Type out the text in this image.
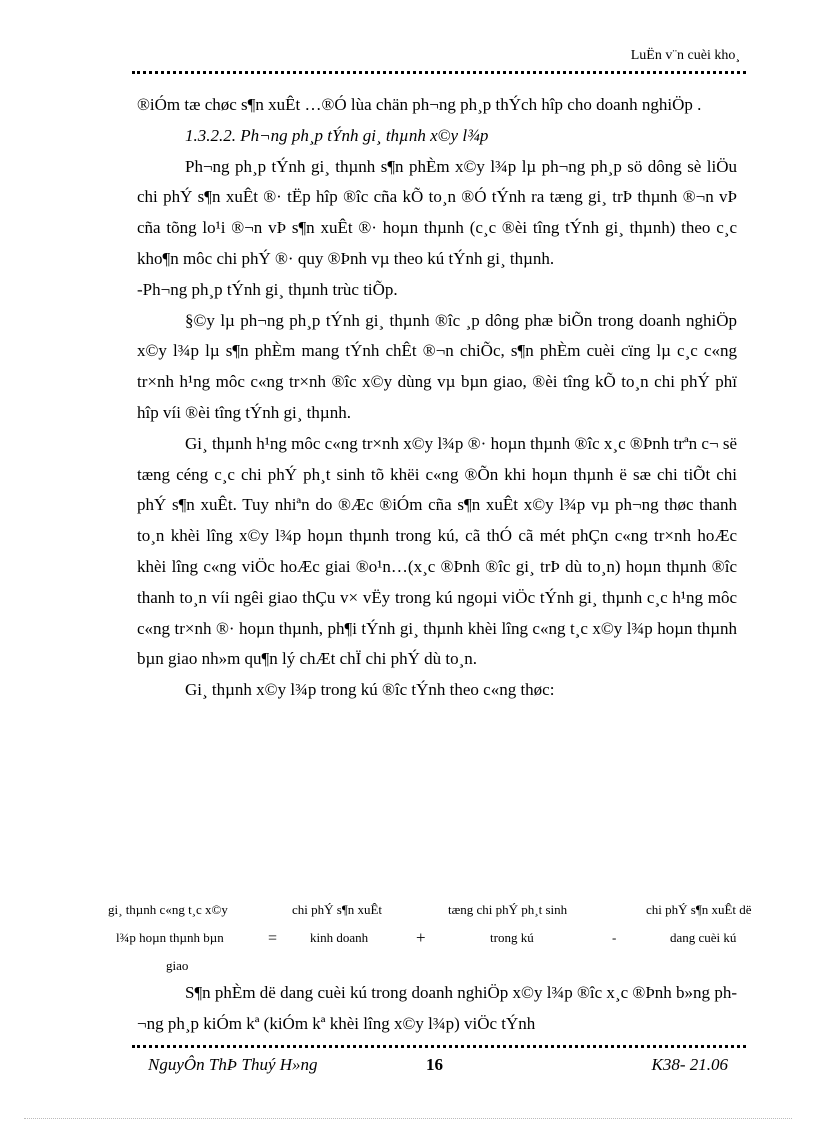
LuËn v¨n cuèi kho¸

®iÓm tæ chøc s¶n xuÊt …®Ó lùa chän ph¬ng ph¸p thÝch hîp cho doanh nghiÖp .

1.3.2.2. Ph¬ng ph¸p tÝnh gi¸ thµnh x©y l¾p

Ph¬ng ph¸p tÝnh gi¸ thµnh s¶n phÈm x©y l¾p lµ ph¬ng ph¸p sö dông sè liÖu chi phÝ s¶n xuÊt ®· tËp hîp ®îc cña kÕ to¸n ®Ó tÝnh ra tæng gi¸ trÞ thµnh ®¬n vÞ cña tõng lo¹i ®¬n vÞ s¶n xuÊt ®· hoµn thµnh (c¸c ®èi tîng tÝnh gi¸ thµnh) theo c¸c kho¶n môc chi phÝ ®· quy ®Þnh vµ theo kú tÝnh gi¸ thµnh.

-Ph¬ng ph¸p tÝnh gi¸ thµnh trùc tiÕp.

§©y lµ ph¬ng ph¸p tÝnh gi¸ thµnh ®îc ¸p dông phæ biÕn trong doanh nghiÖp x©y l¾p lµ s¶n phÈm mang tÝnh chÊt ®¬n chiÕc, s¶n phÈm cuèi cïng lµ c¸c c«ng tr×nh h¹ng môc c«ng tr×nh ®îc x©y dùng vµ bµn giao, ®èi tîng kÕ to¸n chi phÝ phï hîp víi ®èi tîng tÝnh gi¸ thµnh.

Gi¸ thµnh h¹ng môc c«ng tr×nh x©y l¾p ®· hoµn thµnh ®îc x¸c ®Þnh trªn c¬ së tæng céng c¸c chi phÝ ph¸t sinh tõ khëi c«ng ®Õn khi hoµn thµnh ë sæ chi tiÕt chi phÝ s¶n xuÊt. Tuy nhiªn do ®Æc ®iÓm cña s¶n xuÊt x©y l¾p vµ ph¬ng thøc thanh to¸n khèi lîng x©y l¾p hoµn thµnh trong kú, cã thÓ cã mét phÇn c«ng tr×nh hoÆc khèi lîng c«ng viÖc hoÆc giai ®o¹n…(x¸c ®Þnh ®îc gi¸ trÞ dù to¸n) hoµn thµnh ®îc thanh to¸n víi ngêi giao thÇu v× vËy trong kú ngoµi viÖc tÝnh gi¸ thµnh c¸c h¹ng môc c«ng tr×nh ®· hoµn thµnh, ph¶i tÝnh gi¸ thµnh khèi lîng c«ng t¸c x©y l¾p hoµn thµnh bµn giao nh»m qu¶n lý chÆt chÏ chi phÝ dù to¸n.

Gi¸ thµnh x©y l¾p trong kú ®îc tÝnh theo c«ng thøc:

gi¸ thµnh c«ng t¸c x©y
l¾p hoµn thµnh bµn
giao
=
chi phÝ s¶n xuÊt
kinh doanh	+
tæng chi phÝ ph¸t sinh
trong kú	-
chi phÝ s¶n xuÊt dë
dang cuèi kú

S¶n phÈm dë dang cuèi kú trong doanh nghiÖp x©y l¾p ®îc x¸c ®Þnh b»ng ph¬ng ph¸p kiÓm kª (kiÓm kª khèi lîng x©y l¾p) viÖc tÝnh

NguyÔn ThÞ Thuý H»ng	16	K38- 21.06
